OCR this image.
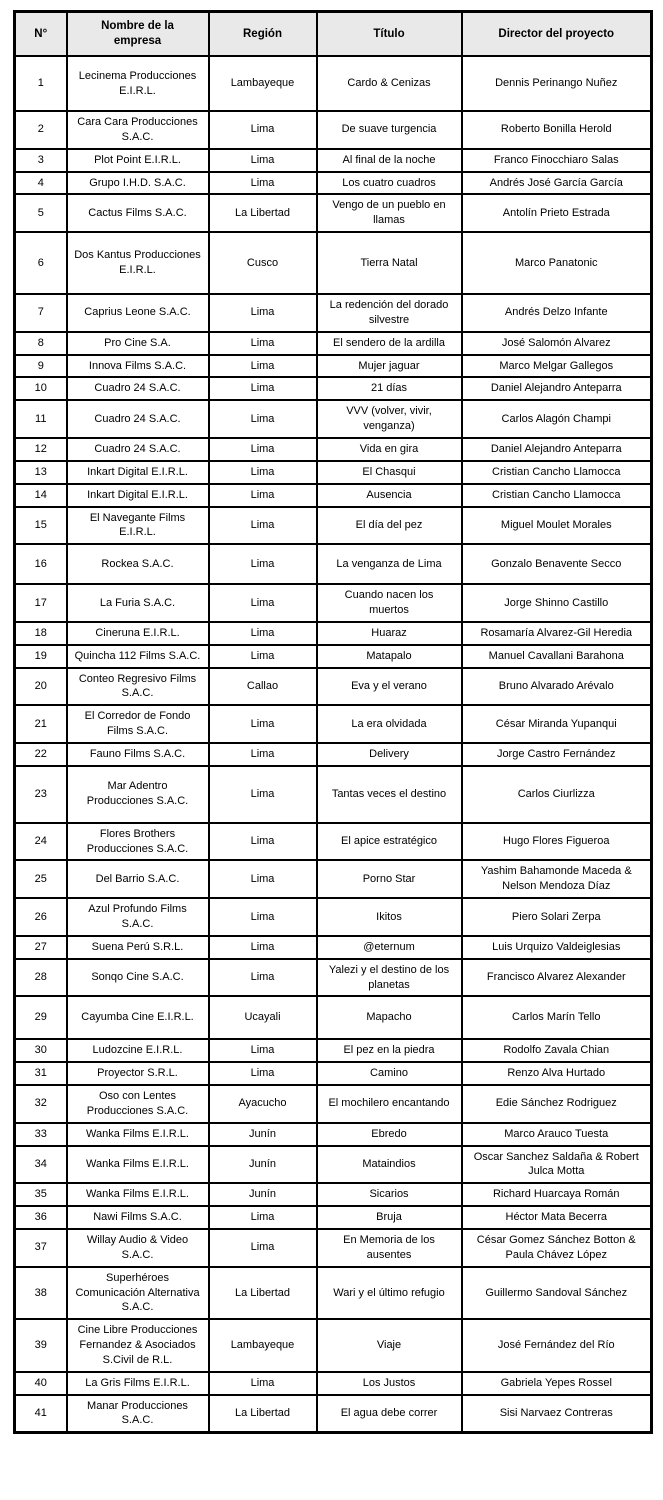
N°	Nombre de la empresa	Región	Título	Director del proyecto
1	Lecinema Producciones E.I.R.L.	Lambayeque	Cardo & Cenizas	Dennis Perinango Nuñez
2	Cara Cara Producciones S.A.C.	Lima	De suave turgencia	Roberto Bonilla Herold
3	Plot Point E.I.R.L.	Lima	Al final de la noche	Franco Finocchiaro Salas
4	Grupo I.H.D. S.A.C.	Lima	Los cuatro cuadros	Andrés José García García
5	Cactus Films S.A.C.	La Libertad	Vengo de un pueblo en llamas	Antolín Prieto Estrada
6	Dos Kantus Producciones E.I.R.L.	Cusco	Tierra Natal	Marco Panatonic
7	Caprius Leone S.A.C.	Lima	La redención del dorado silvestre	Andrés Delzo Infante
8	Pro Cine S.A.	Lima	El sendero de la ardilla	José Salomón Alvarez
9	Innova Films S.A.C.	Lima	Mujer jaguar	Marco Melgar Gallegos
10	Cuadro 24 S.A.C.	Lima	21 días	Daniel Alejandro Anteparra
11	Cuadro 24 S.A.C.	Lima	VVV (volver, vivir, venganza)	Carlos Alagón Champi
12	Cuadro 24 S.A.C.	Lima	Vida en gira	Daniel Alejandro Anteparra
13	Inkart Digital E.I.R.L.	Lima	El Chasqui	Cristian Cancho Llamocca
14	Inkart Digital E.I.R.L.	Lima	Ausencia	Cristian Cancho Llamocca
15	El Navegante Films E.I.R.L.	Lima	El día del pez	Miguel Moulet Morales
16	Rockea S.A.C.	Lima	La venganza de Lima	Gonzalo Benavente Secco
17	La Furia S.A.C.	Lima	Cuando nacen los muertos	Jorge Shinno Castillo
18	Cineruna E.I.R.L.	Lima	Huaraz	Rosamaría Alvarez-Gil Heredia
19	Quincha 112 Films S.A.C.	Lima	Matapalo	Manuel Cavallani Barahona
20	Conteo Regresivo Films S.A.C.	Callao	Eva y el verano	Bruno Alvarado Arévalo
21	El Corredor de Fondo Films S.A.C.	Lima	La era olvidada	César Miranda Yupanqui
22	Fauno Films S.A.C.	Lima	Delivery	Jorge Castro Fernández
23	Mar Adentro Producciones S.A.C.	Lima	Tantas veces el destino	Carlos Ciurlizza
24	Flores Brothers Producciones S.A.C.	Lima	El apice estratégico	Hugo Flores Figueroa
25	Del Barrio S.A.C.	Lima	Porno Star	Yashim Bahamonde Maceda & Nelson Mendoza Díaz
26	Azul Profundo Films S.A.C.	Lima	Ikitos	Piero Solari Zerpa
27	Suena Perú S.R.L.	Lima	@eternum	Luis Urquizo Valdeiglesias
28	Sonqo Cine S.A.C.	Lima	Yalezi y el destino de los planetas	Francisco Alvarez Alexander
29	Cayumba Cine E.I.R.L.	Ucayali	Mapacho	Carlos Marín Tello
30	Ludozcine E.I.R.L.	Lima	El pez en la piedra	Rodolfo Zavala Chian
31	Proyector S.R.L.	Lima	Camino	Renzo Alva Hurtado
32	Oso con Lentes Producciones S.A.C.	Ayacucho	El mochilero encantando	Edie Sánchez Rodriguez
33	Wanka Films E.I.R.L.	Junín	Ebredo	Marco Arauco Tuesta
34	Wanka Films E.I.R.L.	Junín	Mataindios	Oscar Sanchez Saldaña & Robert Julca Motta
35	Wanka Films E.I.R.L.	Junín	Sicarios	Richard Huarcaya Román
36	Nawi Films S.A.C.	Lima	Bruja	Héctor Mata Becerra
37	Willay Audio & Video S.A.C.	Lima	En Memoria de los ausentes	César Gomez Sánchez Botton & Paula Chávez López
38	Superhéroes Comunicación Alternativa S.A.C.	La Libertad	Wari y el último refugio	Guillermo Sandoval Sánchez
39	Cine Libre Producciones Fernandez & Asociados S.Civil de R.L.	Lambayeque	Viaje	José Fernández del Río
40	La Gris Films E.I.R.L.	Lima	Los Justos	Gabriela Yepes Rossel
41	Manar Producciones S.A.C.	La Libertad	El agua debe correr	Sisi Narvaez Contreras
